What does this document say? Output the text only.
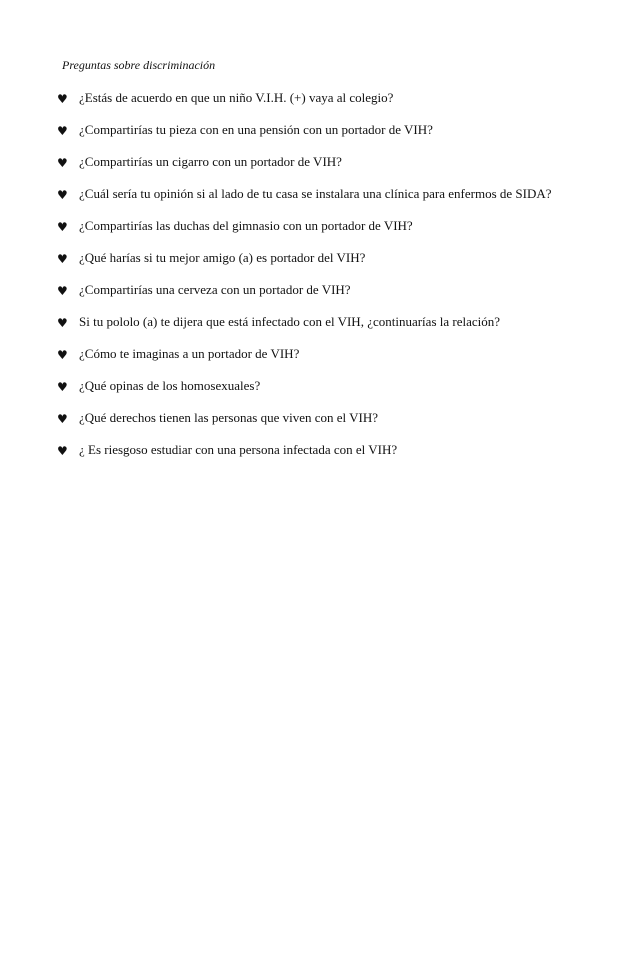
Preguntas sobre discriminación
♥ ¿Estás de acuerdo en que un niño V.I.H. (+) vaya al colegio?
♥ ¿Compartirías tu pieza con en una pensión con un portador de VIH?
♥ ¿Compartirías un cigarro con un portador de VIH?
♥ ¿Cuál sería tu opinión si al lado de tu casa se instalara una clínica para enfermos de SIDA?
♥ ¿Compartirías las duchas del gimnasio con un portador de VIH?
♥ ¿Qué harías si tu mejor amigo (a) es portador del VIH?
♥ ¿Compartirías una cerveza con un portador de VIH?
♥ Si tu pololo (a) te dijera que está infectado con el VIH, ¿continuarías la relación?
♥ ¿Cómo te imaginas a un portador de VIH?
♥ ¿Qué opinas de los homosexuales?
♥ ¿Qué derechos tienen las personas que viven con el VIH?
♥ ¿ Es riesgoso estudiar con una persona infectada con el VIH?
